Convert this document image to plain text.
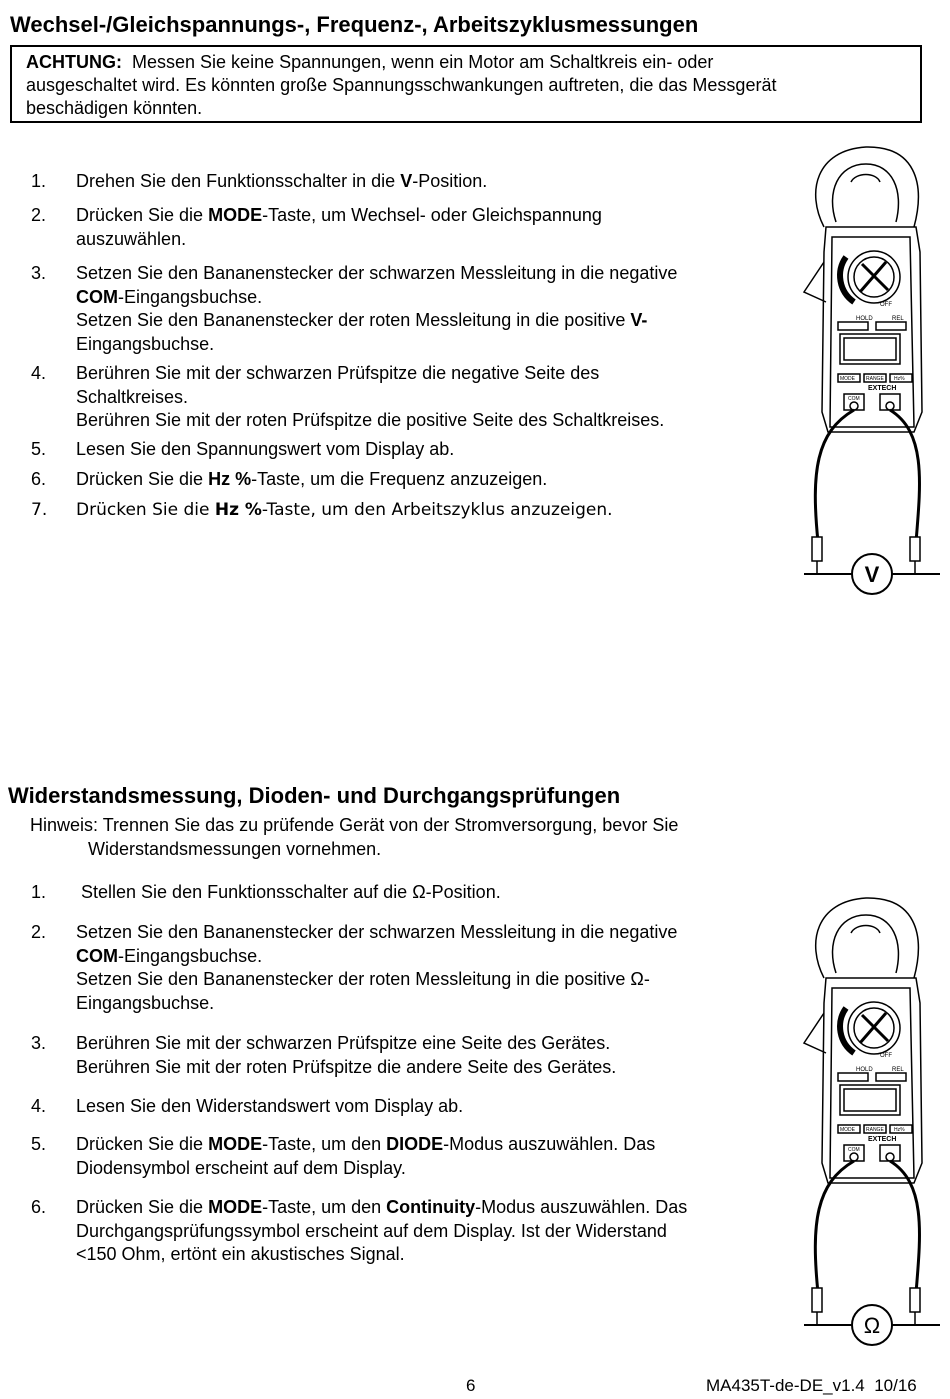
Wechsel-/Gleichspannungs-, Frequenz-, Arbeitszyklusmessungen
ACHTUNG: Messen Sie keine Spannungen, wenn ein Motor am Schaltkreis ein- oder
ausgeschaltet wird. Es könnten große Spannungsschwankungen auftreten, die das Messgerät
beschädigen könnten.
1.	Drehen Sie den Funktionsschalter in die V-Position.
2.	Drücken Sie die MODE-Taste, um Wechsel- oder Gleichspannung
auszuwählen.
3.	Setzen Sie den Bananenstecker der schwarzen Messleitung in die negative
COM-Eingangsbuchse.
Setzen Sie den Bananenstecker der roten Messleitung in die positive V-
Eingangsbuchse.
4.	Berühren Sie mit der schwarzen Prüfspitze die negative Seite des
Schaltkreises.
Berühren Sie mit der roten Prüfspitze die positive Seite des Schaltkreises.
5.	Lesen Sie den Spannungswert vom Display ab.
6.	Drücken Sie die Hz %-Taste, um die Frequenz anzuzeigen.
7.	Drücken Sie die Hz %-Taste, um den Arbeitszyklus anzuzeigen.
HOLD	REL
OFF
EXTECH
MODE RANGE Hz%
COM
V
Widerstandsmessung, Dioden- und Durchgangsprüfungen
Hinweis: Trennen Sie das zu prüfende Gerät von der Stromversorgung, bevor Sie
Widerstandsmessungen vornehmen.
1.	Stellen Sie den Funktionsschalter auf die Ω-Position.
2.	Setzen Sie den Bananenstecker der schwarzen Messleitung in die negative
COM-Eingangsbuchse.
Setzen Sie den Bananenstecker der roten Messleitung in die positive Ω-
Eingangsbuchse.
3.	Berühren Sie mit der schwarzen Prüfspitze eine Seite des Gerätes.
Berühren Sie mit der roten Prüfspitze die andere Seite des Gerätes.
4.	Lesen Sie den Widerstandswert vom Display ab.
5.	Drücken Sie die MODE-Taste, um den DIODE-Modus auszuwählen. Das
Diodensymbol erscheint auf dem Display.
6.	Drücken Sie die MODE-Taste, um den Continuity-Modus auszuwählen. Das
Durchgangsprüfungssymbol erscheint auf dem Display. Ist der Widerstand
<150 Ohm, ertönt ein akustisches Signal.
HOLD	REL
OFF
EXTECH
MODE RANGE Hz%
COM
Ω
6	MA435T-de-DE_v1.4  10/16
